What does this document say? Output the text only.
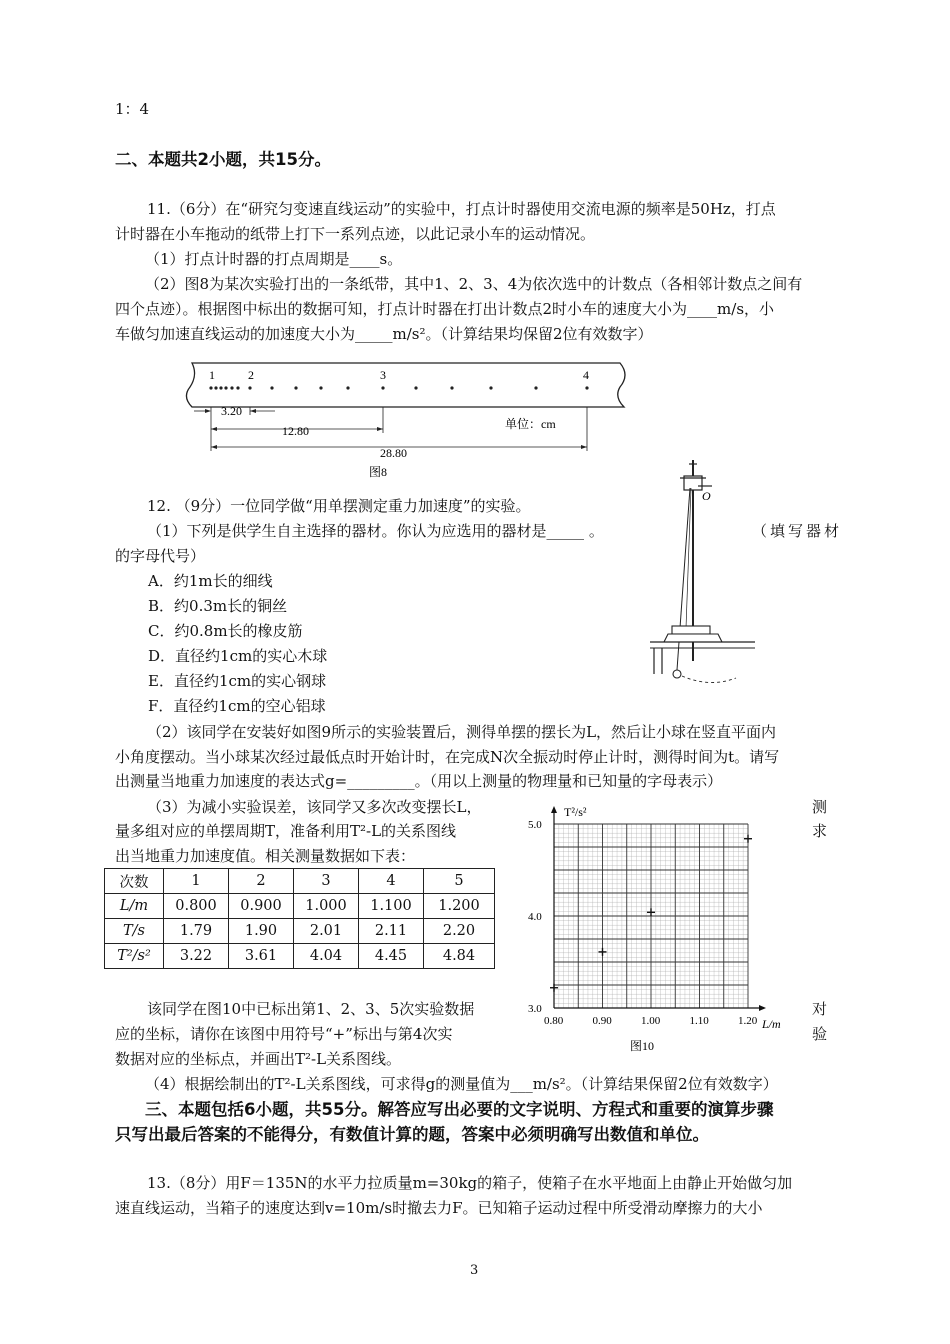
1：4
二、本题共2小题，共15分。
11.（6分）在“研究匀变速直线运动”的实验中，打点计时器使用交流电源的频率是50Hz，打点
计时器在小车拖动的纸带上打下一系列点迹，以此记录小车的运动情况。
（1）打点计时器的打点周期是____s。
（2）图8为某次实验打出的一条纸带，其中1、2、3、4为依次选中的计数点（各相邻计数点之间有
四个点迹）。根据图中标出的数据可知，打点计时器在打出计数点2时小车的速度大小为____m/s，小
车做匀加速直线运动的加速度大小为_____m/s²。（计算结果均保留2位有效数字）
1	2	3	4
3.20
12.80
28.80
单位：cm
图8
12. （9分）一位同学做“用单摆测定重力加速度”的实验。
（1）下列是供学生自主选择的器材。你认为应选用的器材是_____ 。	（填写器材
的字母代号）
A．约1m长的细线
B．约0.3m长的铜丝
C．约0.8m长的橡皮筋
D．直径约1cm的实心木球
E．直径约1cm的实心钢球
F．直径约1cm的空心铝球
O
（2）该同学在安装好如图9所示的实验装置后，测得单摆的摆长为L，然后让小球在竖直平面内
小角度摆动。当小球某次经过最低点时开始计时，在完成N次全振动时停止计时，测得时间为t。请写
出测量当地重力加速度的表达式g=_________。（用以上测量的物理量和已知量的字母表示）
（3）为减小实验误差，该同学又多次改变摆长L，
量多组对应的单摆周期T，准备利用T²-L的关系图线
出当地重力加速度值。相关测量数据如下表：
测
求
次数	1	2	3	4	5
L/m	0.800	0.900	1.000	1.100	1.200
T/s	1.79	1.90	2.01	2.11	2.20
T²/s²	3.22	3.61	4.04	4.45	4.84
0.80	0.90	1.00	1.10	1.20
3.0
4.0
5.0
T²/s²
L/m
图10
该同学在图10中已标出第1、2、3、5次实验数据
应的坐标，请你在该图中用符号“+”标出与第4次实
数据对应的坐标点，并画出T²-L关系图线。
对
验
（4）根据绘制出的T²-L关系图线，可求得g的测量值为___m/s²。（计算结果保留2位有效数字）
三、本题包括6小题，共55分。解答应写出必要的文字说明、方程式和重要的演算步骤
只写出最后答案的不能得分，有数值计算的题，答案中必须明确写出数值和单位。
13.（8分）用F＝135N的水平力拉质量m=30kg的箱子，使箱子在水平地面上由静止开始做匀加
速直线运动，当箱子的速度达到v=10m/s时撤去力F。已知箱子运动过程中所受滑动摩擦力的大小
3
